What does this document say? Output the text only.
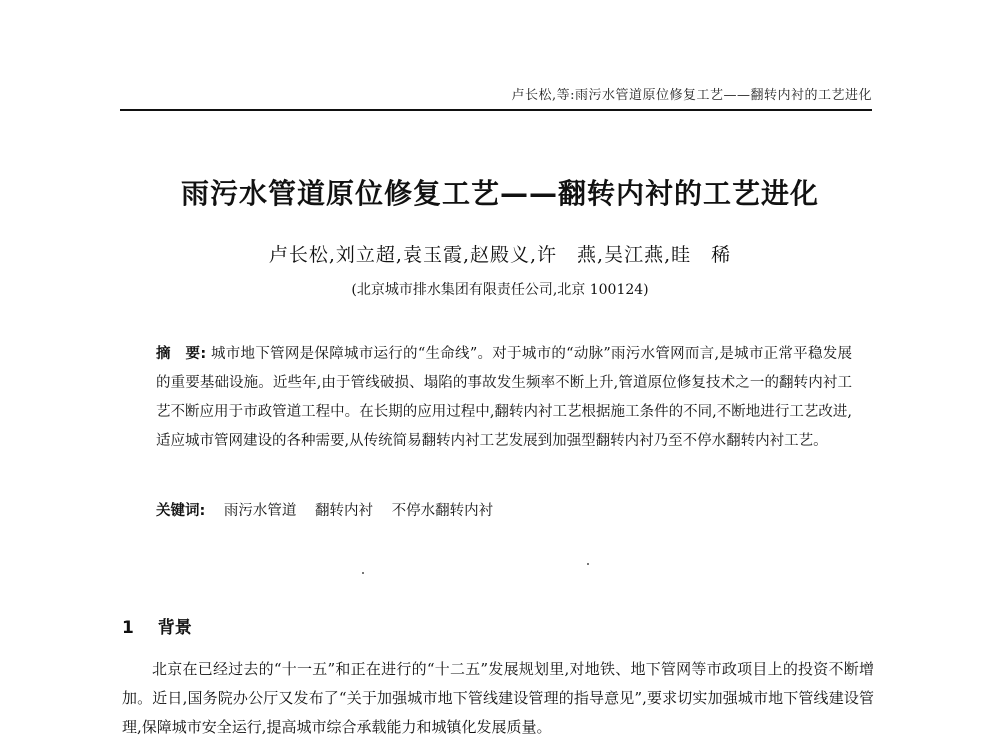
卢长松,等:雨污水管道原位修复工艺——翻转内衬的工艺进化
雨污水管道原位修复工艺——翻转内衬的工艺进化
卢长松,刘立超,袁玉霞,赵殿义,许　燕,吴江燕,眭　稀
(北京城市排水集团有限责任公司,北京 100124)
摘　要: 城市地下管网是保障城市运行的“生命线”。对于城市的“动脉”雨污水管网而言,是城市正常平稳发展的重要基础设施。近些年,由于管线破损、塌陷的事故发生频率不断上升,管道原位修复技术之一的翻转内衬工艺不断应用于市政管道工程中。在长期的应用过程中,翻转内衬工艺根据施工条件的不同,不断地进行工艺改进,适应城市管网建设的各种需要,从传统简易翻转内衬工艺发展到加强型翻转内衬乃至不停水翻转内衬工艺。
关键词: 雨污水管道 翻转内衬 不停水翻转内衬
1 背景
北京在已经过去的“十一五”和正在进行的“十二五”发展规划里,对地铁、地下管网等市政项目上的投资不断增加。近日,国务院办公厅又发布了“关于加强城市地下管线建设管理的指导意见”,要求切实加强城市地下管线建设管理,保障城市安全运行,提高城市综合承载能力和城镇化发展质量。
